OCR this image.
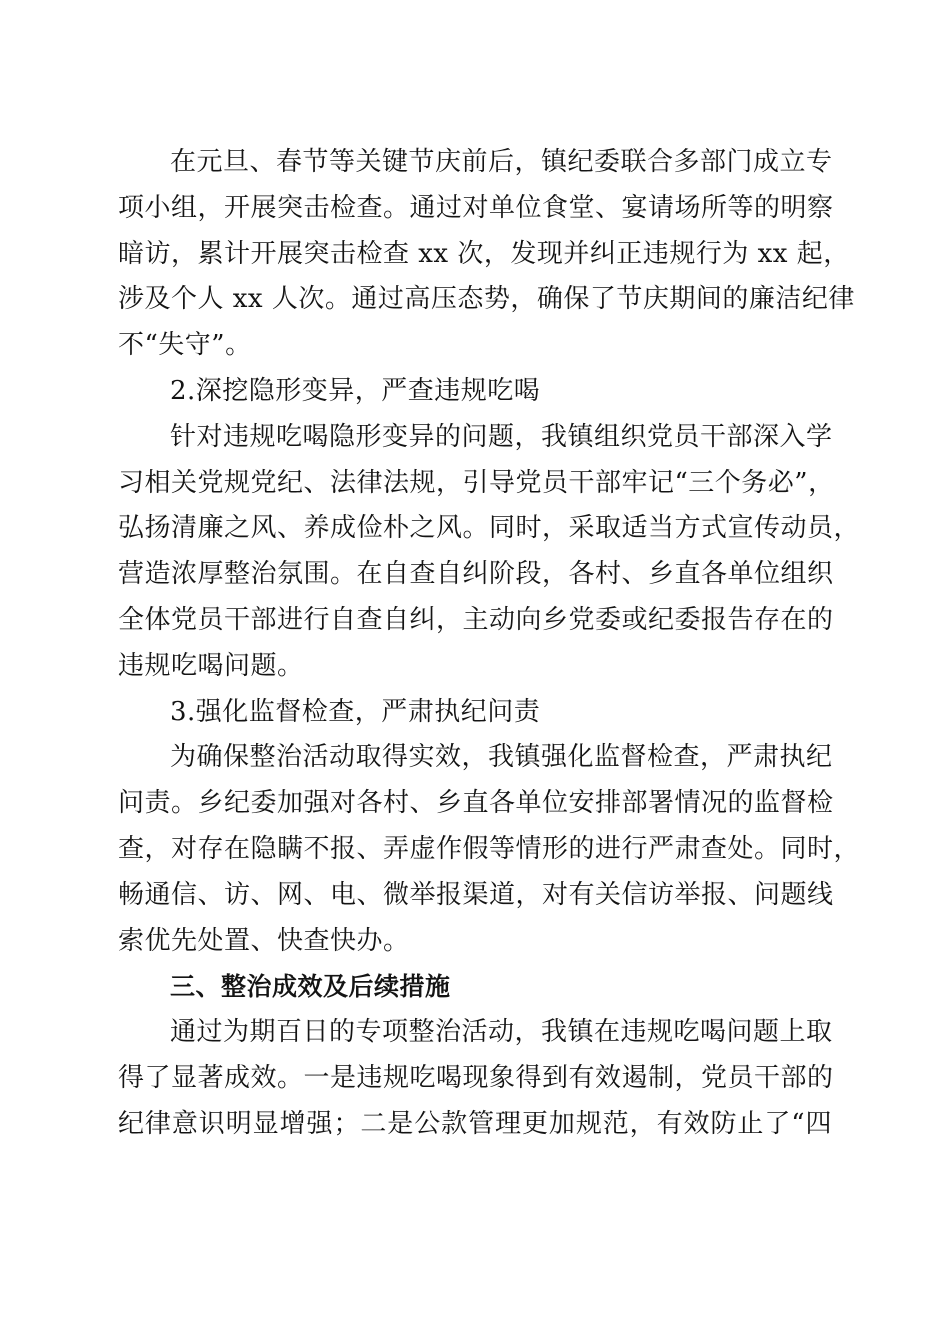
在元旦、春节等关键节庆前后，镇纪委联合多部门成立专
项小组，开展突击检查。通过对单位食堂、宴请场所等的明察
暗访，累计开展突击检查 xx 次，发现并纠正违规行为 xx 起，
涉及个人 xx 人次。通过高压态势，确保了节庆期间的廉洁纪律
不“失守”。
2.深挖隐形变异，严查违规吃喝
针对违规吃喝隐形变异的问题，我镇组织党员干部深入学
习相关党规党纪、法律法规，引导党员干部牢记“三个务必”，
弘扬清廉之风、养成俭朴之风。同时，采取适当方式宣传动员，
营造浓厚整治氛围。在自查自纠阶段，各村、乡直各单位组织
全体党员干部进行自查自纠，主动向乡党委或纪委报告存在的
违规吃喝问题。
3.强化监督检查，严肃执纪问责
为确保整治活动取得实效，我镇强化监督检查，严肃执纪
问责。乡纪委加强对各村、乡直各单位安排部署情况的监督检
查，对存在隐瞒不报、弄虚作假等情形的进行严肃查处。同时，
畅通信、访、网、电、微举报渠道，对有关信访举报、问题线
索优先处置、快查快办。
三、整治成效及后续措施
通过为期百日的专项整治活动，我镇在违规吃喝问题上取
得了显著成效。一是违规吃喝现象得到有效遏制，党员干部的
纪律意识明显增强；二是公款管理更加规范，有效防止了“四
